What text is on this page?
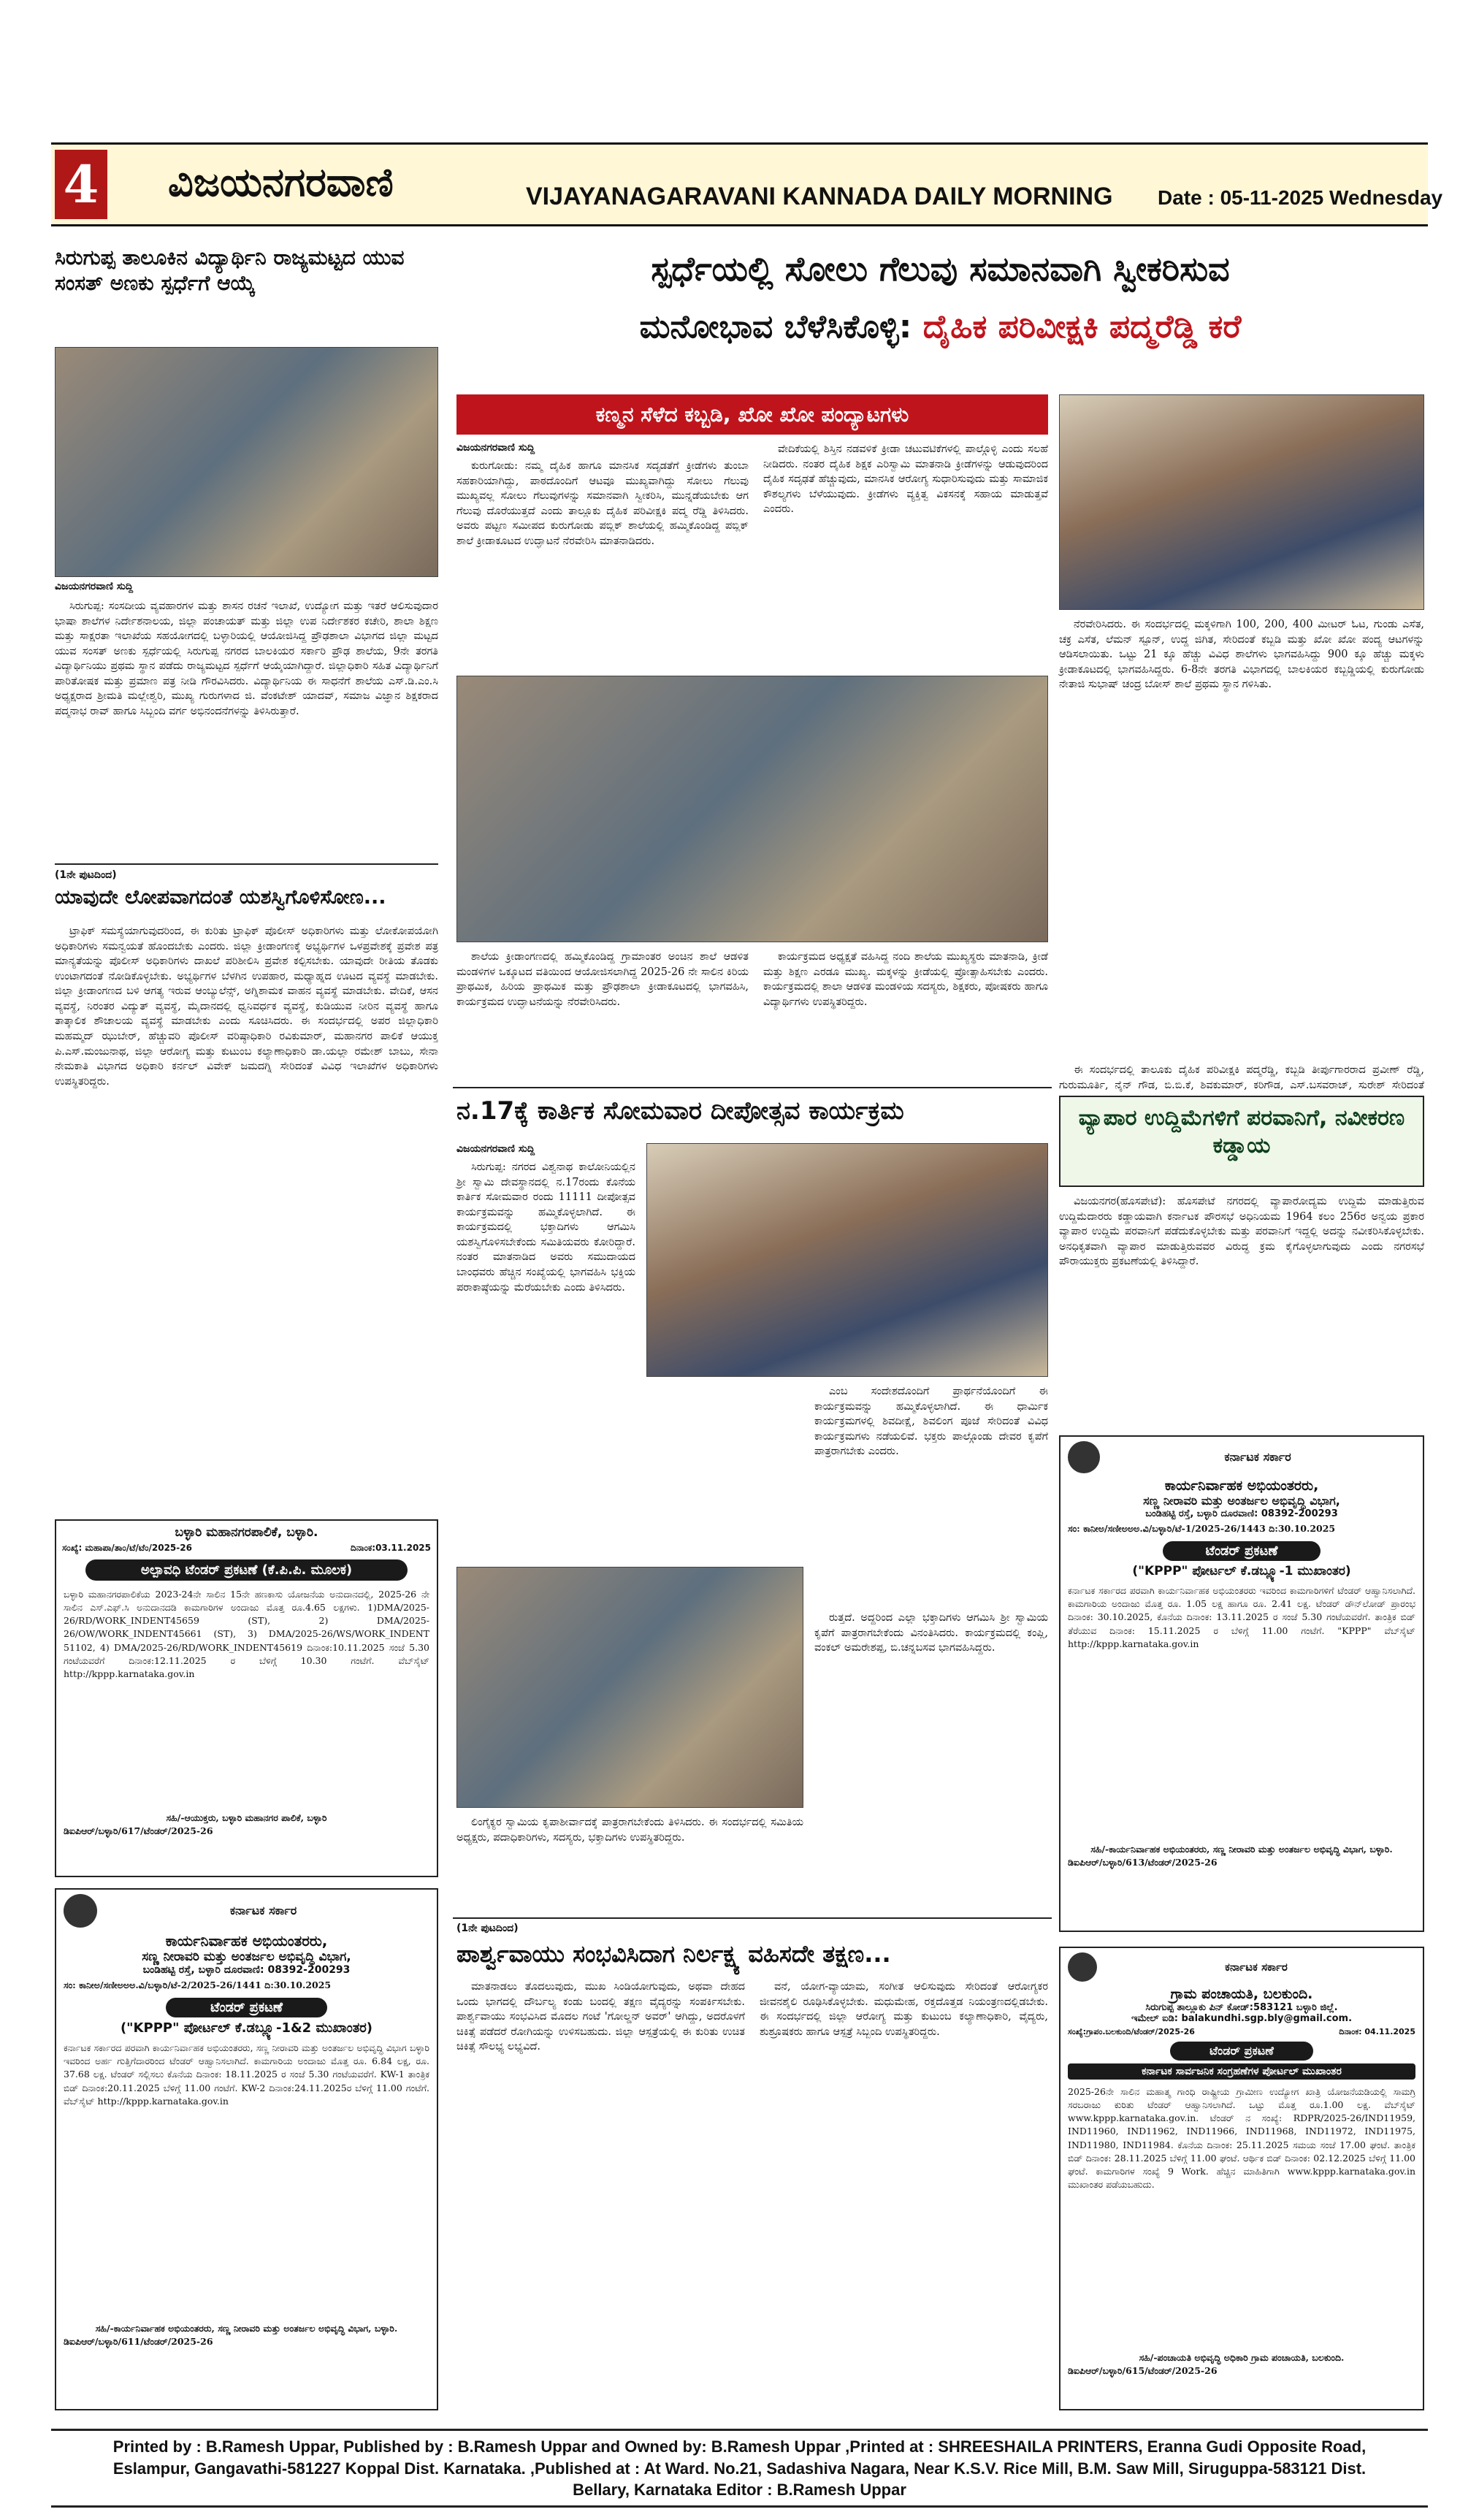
4 ವಿಜಯನಗರವಾಣಿ	VIJAYANAGARAVANI KANNADA DAILY MORNING Date : 05-11-2025 Wednesday
ಸಿರುಗುಪ್ಪ ತಾಲೂಕಿನ ವಿದ್ಯಾರ್ಥಿನಿ ರಾಜ್ಯಮಟ್ಟದ ಯುವ ಸಂಸತ್ ಅಣಕು ಸ್ಪರ್ಧೆಗೆ ಆಯ್ಕೆ
ವಿಜಯನಗರವಾಣಿ ಸುದ್ದಿ

ಸಿರುಗುಪ್ಪ: ಸಂಸದೀಯ ವ್ಯವಹಾರಗಳ ಮತ್ತು ಶಾಸನ ರಚನೆ ಇಲಾಖೆ, ಉದ್ಯೋಗ ಮತ್ತು ಇತರೆ ಆಲಿಸುವುದಾರ ಭಾಷಾ ಶಾಲೆಗಳ ನಿರ್ದೇಶನಾಲಯ, ಜಿಲ್ಲಾ ಪಂಚಾಯತ್ ಮತ್ತು ಜಿಲ್ಲಾ ಉಪ ನಿರ್ದೇಶಕರ ಕಚೇರಿ, ಶಾಲಾ ಶಿಕ್ಷಣ ಮತ್ತು ಸಾಕ್ಷರತಾ ಇಲಾಖೆಯ ಸಹಯೋಗದಲ್ಲಿ ಬಳ್ಳಾರಿಯಲ್ಲಿ ಆಯೋಜಿಸಿದ್ದ ಪ್ರೌಢಶಾಲಾ ವಿಭಾಗದ ಜಿಲ್ಲಾ ಮಟ್ಟದ ಯುವ ಸಂಸತ್ ಅಣಕು ಸ್ಪರ್ಧೆಯಲ್ಲಿ ಸಿರುಗುಪ್ಪ ನಗರದ ಬಾಲಕಿಯರ ಸರ್ಕಾರಿ ಪ್ರೌಢ ಶಾಲೆಯ, 9ನೇ ತರಗತಿ ವಿದ್ಯಾರ್ಥಿನಿಯು ಪ್ರಥಮ ಸ್ಥಾನ ಪಡೆದು ರಾಜ್ಯಮಟ್ಟದ ಸ್ಪರ್ಧೆಗೆ ಆಯ್ಕೆಯಾಗಿದ್ದಾರೆ. ಜಿಲ್ಲಾಧಿಕಾರಿ ಸಹಿತ ವಿದ್ಯಾರ್ಥಿನಿಗೆ ಪಾರಿತೋಷಕ ಮತ್ತು ಪ್ರಮಾಣ ಪತ್ರ ನೀಡಿ ಗೌರವಿಸಿದರು. ವಿದ್ಯಾರ್ಥಿನಿಯ ಈ ಸಾಧನೆಗೆ ಶಾಲೆಯ ಎಸ್.ಡಿ.ಎಂ.ಸಿ ಅಧ್ಯಕ್ಷರಾದ ಶ್ರೀಮತಿ ಮಲ್ಲೇಶ್ವರಿ, ಮುಖ್ಯ ಗುರುಗಳಾದ ಜಿ. ವೆಂಕಟೇಶ್ ಯಾದವ್, ಸಮಾಜ ವಿಜ್ಞಾನ ಶಿಕ್ಷಕರಾದ ಪದ್ಮನಾಭ ರಾವ್ ಹಾಗೂ ಸಿಬ್ಬಂದಿ ವರ್ಗ ಅಭಿನಂದನೆಗಳನ್ನು ತಿಳಿಸಿರುತ್ತಾರೆ.

(1ನೇ ಪುಟದಿಂದ)
ಯಾವುದೇ ಲೋಪವಾಗದಂತೆ ಯಶಸ್ವಿಗೊಳಿಸೋಣ...

ಟ್ರಾಫಿಕ್ ಸಮಸ್ಯೆಯಾಗುವುದರಿಂದ, ಈ ಕುರಿತು ಟ್ರಾಫಿಕ್ ಪೊಲೀಸ್ ಅಧಿಕಾರಿಗಳು ಮತ್ತು ಲೋಕೋಪಯೋಗಿ ಅಧಿಕಾರಿಗಳು ಸಮನ್ವಯತೆ ಹೊಂದಬೇಕು ಎಂದರು. ಜಿಲ್ಲಾ ಕ್ರೀಡಾಂಗಣಕ್ಕೆ ಅಭ್ಯರ್ಥಿಗಳ ಒಳಪ್ರವೇಶಕ್ಕೆ ಪ್ರವೇಶ ಪತ್ರ ಮಾನ್ಯತೆಯನ್ನು ಪೊಲೀಸ್ ಅಧಿಕಾರಿಗಳು ದಾಖಲೆ ಪರಿಶೀಲಿಸಿ ಪ್ರವೇಶ ಕಲ್ಪಿಸಬೇಕು. ಯಾವುದೇ ರೀತಿಯ ತೊಡಕು ಉಂಟಾಗದಂತೆ ನೋಡಿಕೊಳ್ಳಬೇಕು. ಅಭ್ಯರ್ಥಿಗಳ ಬೆಳಗಿನ ಉಪಹಾರ, ಮಧ್ಯಾಹ್ನದ ಊಟದ ವ್ಯವಸ್ಥೆ ಮಾಡಬೇಕು. ಜಿಲ್ಲಾ ಕ್ರೀಡಾಂಗಣದ ಬಳಿ ಆಗತ್ಯ ಇರುವ ಆಂಬ್ಯುಲೆನ್ಸ್, ಅಗ್ನಿಶಾಮಕ ವಾಹನ ವ್ಯವಸ್ಥೆ ಮಾಡಬೇಕು. ವೇದಿಕೆ, ಆಸನ ವ್ಯವಸ್ಥೆ, ನಿರಂತರ ವಿದ್ಯುತ್ ವ್ಯವಸ್ಥೆ, ಮೈದಾನದಲ್ಲಿ ಧ್ವನಿವರ್ಧಕ ವ್ಯವಸ್ಥೆ, ಕುಡಿಯುವ ನೀರಿನ ವ್ಯವಸ್ಥೆ ಹಾಗೂ ತಾತ್ಕಾಲಿಕ ಶೌಚಾಲಯ ವ್ಯವಸ್ಥೆ ಮಾಡಬೇಕು ಎಂದು ಸೂಚಿಸಿದರು. ಈ ಸಂದರ್ಭದಲ್ಲಿ ಅಪರ ಜಿಲ್ಲಾಧಿಕಾರಿ ಮಹಮ್ಮದ್ ಝುಬೇರ್, ಹೆಚ್ಚುವರಿ ಪೊಲೀಸ್ ವರಿಷ್ಠಾಧಿಕಾರಿ ರವಿಕುಮಾರ್, ಮಹಾನಗರ ಪಾಲಿಕೆ ಆಯುಕ್ತ ಪಿ.ಎಸ್.ಮಂಜುನಾಥ, ಜಿಲ್ಲಾ ಆರೋಗ್ಯ ಮತ್ತು ಕುಟುಂಬ ಕಲ್ಯಾಣಾಧಿಕಾರಿ ಡಾ.ಯಲ್ಲಾ ರಮೇಶ್ ಬಾಬು, ಸೇನಾ ನೇಮಕಾತಿ ವಿಭಾಗದ ಅಧಿಕಾರಿ ಕರ್ನಲ್ ವಿವೇಕ್ ಜಮದಗ್ನಿ ಸೇರಿದಂತೆ ವಿವಿಧ ಇಲಾಖೆಗಳ ಅಧಿಕಾರಿಗಳು ಉಪಸ್ಥಿತರಿದ್ದರು.

ಬಳ್ಳಾರಿ ಮಹಾನಗರಪಾಲಿಕೆ, ಬಳ್ಳಾರಿ.
ಸಂಖ್ಯೆ: ಮಹಾಪಾ/ತಾಂ/ಟೆ/ಟೆಂ/2025-26	ದಿನಾಂಕ:03.11.2025
ಅಲ್ಪಾವಧಿ ಟೆಂಡರ್ ಪ್ರಕಟಣೆ (ಕೆ.ಪಿ.ಪಿ. ಮೂಲಕ)
ಬಳ್ಳಾರಿ ಮಹಾನಗರಪಾಲಿಕೆಯ 2023-24ನೇ ಸಾಲಿನ 15ನೇ ಹಣಕಾಸು ಯೋಜನೆಯ ಅನುದಾನದಲ್ಲಿ, 2025-26 ನೇ ಸಾಲಿನ ಎಸ್.ಎಫ್.ಸಿ ಅನುದಾನದಡಿ ಕಾಮಗಾರಿಗಳ ಅಂದಾಜು ಮೊತ್ತ ರೂ.4.65 ಲಕ್ಷಗಳು. 1)DMA/2025-26/RD/WORK_INDENT45659 (ST), 2) DMA/2025-26/OW/WORK_INDENT45661 (ST), 3) DMA/2025-26/WS/WORK_INDENT 51102, 4) DMA/2025-26/RD/WORK_INDENT45619 ದಿನಾಂಕ:10.11.2025 ಸಂಜೆ 5.30 ಗಂಟೆಯವರೆಗೆ ದಿನಾಂಕ:12.11.2025 ರ ಬೆಳಿಗ್ಗೆ 10.30 ಗಂಟೆಗೆ. ವೆಬ್‌ಸೈಟ್ http://kppp.karnataka.gov.in
ಸಹಿ/-ಆಯುಕ್ತರು, ಬಳ್ಳಾರಿ ಮಹಾನಗರ ಪಾಲಿಕೆ, ಬಳ್ಳಾರಿ
ಡಿಐಪಿಆರ್/ಬಳ್ಳಾರಿ/617/ಟೆಂಡರ್/2025-26
ಕರ್ನಾಟಕ ಸರ್ಕಾರ
ಕಾರ್ಯನಿರ್ವಾಹಕ ಅಭಿಯಂತರರು,
ಸಣ್ಣ ನೀರಾವರಿ ಮತ್ತು ಅಂತರ್ಜಲ ಅಭಿವೃದ್ಧಿ ವಿಭಾಗ,
ಬಂಡಿಹಟ್ಟಿ ರಸ್ತೆ, ಬಳ್ಳಾರಿ ದೂರವಾಣಿ: 08392-200293
ಸಂ: ಕಾನೀಅ/ಸಣೀಅಅಅ.ವಿ/ಬಳ್ಳಾರಿ/ಟೆ-2/2025-26/1441 ದಿ:30.10.2025
ಟೆಂಡರ್ ಪ್ರಕಟಣೆ
("KPPP" ಪೋರ್ಟಲ್ ಕೆ.ಡಬ್ಲ್ಯೂ-1&2 ಮುಖಾಂತರ)
ಕರ್ನಾಟಕ ಸರ್ಕಾರದ ಪರವಾಗಿ ಕಾರ್ಯನಿರ್ವಾಹಕ ಅಭಿಯಂತರರು, ಸಣ್ಣ ನೀರಾವರಿ ಮತ್ತು ಅಂತರ್ಜಲ ಅಭಿವೃದ್ಧಿ ವಿಭಾಗ ಬಳ್ಳಾರಿ ಇವರಿಂದ ಅರ್ಹ ಗುತ್ತಿಗೆದಾರರಿಂದ ಟೆಂಡರ್ ಆಹ್ವಾನಿಸಲಾಗಿದೆ. ಕಾಮಗಾರಿಯ ಅಂದಾಜು ಮೊತ್ತ ರೂ. 6.84 ಲಕ್ಷ, ರೂ. 37.68 ಲಕ್ಷ. ಟೆಂಡರ್ ಸಲ್ಲಿಸಲು ಕೊನೆಯ ದಿನಾಂಕ: 18.11.2025 ರ ಸಂಜೆ 5.30 ಗಂಟೆಯವರೆಗೆ. KW-1 ತಾಂತ್ರಿಕ ಬಿಡ್ ದಿನಾಂಕ:20.11.2025 ಬೆಳಿಗ್ಗೆ 11.00 ಗಂಟೆಗೆ. KW-2 ದಿನಾಂಕ:24.11.2025ರ ಬೆಳಿಗ್ಗೆ 11.00 ಗಂಟೆಗೆ. ವೆಬ್‌ಸೈಟ್ http://kppp.karnataka.gov.in
ಸಹಿ/-ಕಾರ್ಯನಿರ್ವಾಹಕ ಅಭಿಯಂತರರು, ಸಣ್ಣ ನೀರಾವರಿ ಮತ್ತು ಅಂತರ್ಜಲ ಅಭಿವೃದ್ಧಿ ವಿಭಾಗ, ಬಳ್ಳಾರಿ.
ಡಿಐಪಿಆರ್/ಬಳ್ಳಾರಿ/611/ಟೆಂಡರ್/2025-26
ಸ್ಪರ್ಧೆಯಲ್ಲಿ ಸೋಲು ಗೆಲುವು ಸಮಾನವಾಗಿ ಸ್ವೀಕರಿಸುವ
ಮನೋಭಾವ ಬೆಳೆಸಿಕೊಳ್ಳಿ: ದೈಹಿಕ ಪರಿವೀಕ್ಷಕಿ ಪದ್ಮರೆಡ್ಡಿ ಕರೆ
ಕಣ್ಮನ ಸೆಳೆದ ಕಬ್ಬಡಿ, ಖೋ ಖೋ ಪಂದ್ಯಾಟಗಳು
ವಿಜಯನಗರವಾಣಿ ಸುದ್ದಿ

ಕುರುಗೋಡು: ನಮ್ಮ ದೈಹಿಕ ಹಾಗೂ ಮಾನಸಿಕ ಸದೃಡತೆಗೆ ಕ್ರೀಡೆಗಳು ತುಂಬಾ ಸಹಕಾರಿಯಾಗಿದ್ದು, ಪಾಠದೊಂದಿಗೆ ಆಟವೂ ಮುಖ್ಯವಾಗಿದ್ದು ಸೋಲು ಗೆಲುವು ಮುಖ್ಯವಲ್ಲ ಸೋಲು ಗೆಲುವುಗಳನ್ನು ಸಮಾನವಾಗಿ ಸ್ವೀಕರಿಸಿ, ಮುನ್ನಡೆಯಬೇಕು ಆಗ ಗೆಲುವು ದೊರೆಯುತ್ತದೆ ಎಂದು ತಾಲ್ಲೂಕು ದೈಹಿಕ ಪರಿವೀಕ್ಷಕಿ ಪದ್ಮ ರೆಡ್ಡಿ ತಿಳಿಸಿದರು. ಅವರು ಪಟ್ಟಣ ಸಮೀಪದ ಕುರುಗೋಡು ಪಬ್ಲಿಕ್ ಶಾಲೆಯಲ್ಲಿ ಹಮ್ಮಿಕೊಂಡಿದ್ದ ಪಬ್ಲಿಕ್ ಶಾಲೆ ಕ್ರೀಡಾಕೂಟದ ಉದ್ಘಾಟನೆ ನೆರವೇರಿಸಿ ಮಾತನಾಡಿದರು.

ವೇದಿಕೆಯಲ್ಲಿ ಶಿಸ್ತಿನ ನಡವಳಿಕೆ ಕ್ರೀಡಾ ಚಟುವಟಿಕೆಗಳಲ್ಲಿ ಪಾಲ್ಗೊಳ್ಳಿ ಎಂದು ಸಲಹೆ ನೀಡಿದರು. ನಂತರ ದೈಹಿಕ ಶಿಕ್ಷಕ ಎರಿಸ್ವಾಮಿ ಮಾತನಾಡಿ ಕ್ರೀಡೆಗಳನ್ನು ಆಡುವುದರಿಂದ ದೈಹಿಕ ಸದೃಢತೆ ಹೆಚ್ಚುವುದು, ಮಾನಸಿಕ ಆರೋಗ್ಯ ಸುಧಾರಿಸುವುದು ಮತ್ತು ಸಾಮಾಜಿಕ ಕೌಶಲ್ಯಗಳು ಬೆಳೆಯುವುದು. ಕ್ರೀಡೆಗಳು ವ್ಯಕ್ತಿತ್ವ ವಿಕಸನಕ್ಕೆ ಸಹಾಯ ಮಾಡುತ್ತವೆ ಎಂದರು.

ನೆರವೇರಿಸಿದರು. ಈ ಸಂದರ್ಭದಲ್ಲಿ ಮಕ್ಕಳಿಗಾಗಿ 100, 200, 400 ಮೀಟರ್ ಓಟ, ಗುಂಡು ಎಸೆತ, ಚಕ್ರ ಎಸೆತ, ಲೆಮನ್ ಸ್ಪೂನ್, ಉದ್ದ ಜಿಗಿತ, ಸೇರಿದಂತೆ ಕಬ್ಬಡಿ ಮತ್ತು ಖೋ ಖೋ ಪಂದ್ಯ ಆಟಗಳನ್ನು ಆಡಿಸಲಾಯಿತು. ಒಟ್ಟು 21 ಕ್ಕೂ ಹೆಚ್ಚು ವಿವಿಧ ಶಾಲೆಗಳು ಭಾಗವಹಿಸಿದ್ದು 900 ಕ್ಕೂ ಹೆಚ್ಚು ಮಕ್ಕಳು ಕ್ರೀಡಾಕೂಟದಲ್ಲಿ ಭಾಗವಹಿಸಿದ್ದರು. 6-8ನೇ ತರಗತಿ ವಿಭಾಗದಲ್ಲಿ ಬಾಲಕಿಯರ ಕಬ್ಬಡ್ಡಿಯಲ್ಲಿ ಕುರುಗೋಡು ನೇತಾಜಿ ಸುಭಾಷ್ ಚಂದ್ರ ಬೋಸ್ ಶಾಲೆ ಪ್ರಥಮ ಸ್ಥಾನ ಗಳಿಸಿತು.

ಶಾಲೆಯ ಕ್ರೀಡಾಂಗಣದಲ್ಲಿ ಹಮ್ಮಿಕೊಂಡಿದ್ದ ಗ್ರಾಮಾಂತರ ಅಂಚಿನ ಶಾಲೆ ಆಡಳಿತ ಮಂಡಳಿಗಳ ಒಕ್ಕೂಟದ ವತಿಯಿಂದ ಆಯೋಜಿಸಲಾಗಿದ್ದ 2025-26 ನೇ ಸಾಲಿನ ಕಿರಿಯ ಪ್ರಾಥಮಿಕ, ಹಿರಿಯ ಪ್ರಾಥಮಿಕ ಮತ್ತು ಪ್ರೌಢಶಾಲಾ ಕ್ರೀಡಾಕೂಟದಲ್ಲಿ ಭಾಗವಹಿಸಿ, ಕಾರ್ಯಕ್ರಮದ ಉದ್ಘಾಟನೆಯನ್ನು ನೆರವೇರಿಸಿದರು.

ಕಾರ್ಯಕ್ರಮದ ಅಧ್ಯಕ್ಷತೆ ವಹಿಸಿದ್ದ ನಂದಿ ಶಾಲೆಯ ಮುಖ್ಯಸ್ಥರು ಮಾತನಾಡಿ, ಕ್ರೀಡೆ ಮತ್ತು ಶಿಕ್ಷಣ ಎರಡೂ ಮುಖ್ಯ. ಮಕ್ಕಳನ್ನು ಕ್ರೀಡೆಯಲ್ಲಿ ಪ್ರೋತ್ಸಾಹಿಸಬೇಕು ಎಂದರು. ಕಾರ್ಯಕ್ರಮದಲ್ಲಿ ಶಾಲಾ ಆಡಳಿತ ಮಂಡಳಿಯ ಸದಸ್ಯರು, ಶಿಕ್ಷಕರು, ಪೋಷಕರು ಹಾಗೂ ವಿದ್ಯಾರ್ಥಿಗಳು ಉಪಸ್ಥಿತರಿದ್ದರು.

ನ.17ಕ್ಕೆ ಕಾರ್ತಿಕ ಸೋಮವಾರ ದೀಪೋತ್ಸವ ಕಾರ್ಯಕ್ರಮ
ವಿಜಯನಗರವಾಣಿ ಸುದ್ದಿ

ಸಿರುಗುಪ್ಪ: ನಗರದ ವಿಶ್ವನಾಥ ಕಾಲೋನಿಯಲ್ಲಿನ ಶ್ರೀ ಸ್ವಾಮಿ ದೇವಸ್ಥಾನದಲ್ಲಿ ನ.17ರಂದು ಕೊನೆಯ ಕಾರ್ತಿಕ ಸೋಮವಾರ ರಂದು 11111 ದೀಪೋತ್ಸವ ಕಾರ್ಯಕ್ರಮವನ್ನು ಹಮ್ಮಿಕೊಳ್ಳಲಾಗಿದೆ. ಈ ಕಾರ್ಯಕ್ರಮದಲ್ಲಿ ಭಕ್ತಾದಿಗಳು ಆಗಮಿಸಿ ಯಶಸ್ವಿಗೊಳಿಸಬೇಕೆಂದು ಸಮಿತಿಯವರು ಕೋರಿದ್ದಾರೆ. ನಂತರ ಮಾತನಾಡಿದ ಅವರು ಸಮುದಾಯದ ಬಾಂಧವರು ಹೆಚ್ಚಿನ ಸಂಖ್ಯೆಯಲ್ಲಿ ಭಾಗವಹಿಸಿ ಭಕ್ತಿಯ ಪರಾಕಾಷ್ಠೆಯನ್ನು ಮೆರೆಯಬೇಕು ಎಂದು ತಿಳಿಸಿದರು.

ಎಂಬ ಸಂದೇಶದೊಂದಿಗೆ ಪ್ರಾರ್ಥನೆಯೊಂದಿಗೆ ಈ ಕಾರ್ಯಕ್ರಮವನ್ನು ಹಮ್ಮಿಕೊಳ್ಳಲಾಗಿದೆ. ಈ ಧಾರ್ಮಿಕ ಕಾರ್ಯಕ್ರಮಗಳಲ್ಲಿ ಶಿವದೀಕ್ಷೆ, ಶಿವಲಿಂಗ ಪೂಜೆ ಸೇರಿದಂತೆ ವಿವಿಧ ಕಾರ್ಯಕ್ರಮಗಳು ನಡೆಯಲಿವೆ. ಭಕ್ತರು ಪಾಲ್ಗೊಂಡು ದೇವರ ಕೃಪೆಗೆ ಪಾತ್ರರಾಗಬೇಕು ಎಂದರು.

ಲಿಂಗೈಕ್ಯರ ಸ್ವಾಮಿಯ ಕೃಪಾಶೀರ್ವಾದಕ್ಕೆ ಪಾತ್ರರಾಗಬೇಕೆಂದು ತಿಳಿಸಿದರು. ಈ ಸಂದರ್ಭದಲ್ಲಿ ಸಮಿತಿಯ ಅಧ್ಯಕ್ಷರು, ಪದಾಧಿಕಾರಿಗಳು, ಸದಸ್ಯರು, ಭಕ್ತಾದಿಗಳು ಉಪಸ್ಥಿತರಿದ್ದರು.

ರುತ್ತದೆ. ಅದ್ದರಿಂದ ಎಲ್ಲಾ ಭಕ್ತಾದಿಗಳು ಆಗಮಿಸಿ ಶ್ರೀ ಸ್ವಾಮಿಯ ಕೃಪೆಗೆ ಪಾತ್ರರಾಗಬೇಕೆಂದು ವಿನಂತಿಸಿದರು. ಕಾರ್ಯಕ್ರಮದಲ್ಲಿ ಕಂಪ್ಲಿ, ವಂಕಲ್ ಅಮರೇಶಪ್ಪ, ಬಿ.ಚನ್ನಬಸವ ಭಾಗವಹಿಸಿದ್ದರು.

(1ನೇ ಪುಟದಿಂದ)
ಪಾರ್ಶ್ವವಾಯು ಸಂಭವಿಸಿದಾಗ ನಿರ್ಲಕ್ಷ್ಯ ವಹಿಸದೇ ತಕ್ಷಣ...

ಮಾತನಾಡಲು ತೊದಲುವುದು, ಮುಖ ಸಿಂಡಿಯೋಗುವುದು, ಅಥವಾ ದೇಹದ ಒಂದು ಭಾಗದಲ್ಲಿ ದೌರ್ಬಲ್ಯ ಕಂಡು ಬಂದಲ್ಲಿ ತಕ್ಷಣ ವೈದ್ಯರನ್ನು ಸಂಪರ್ಕಿಸಬೇಕು. ಪಾರ್ಶ್ವವಾಯು ಸಂಭವಿಸಿದ ಮೊದಲ ಗಂಟೆ 'ಗೋಲ್ಡನ್ ಅವರ್' ಆಗಿದ್ದು, ಅದರೊಳಗೆ ಚಿಕಿತ್ಸೆ ಪಡೆದರೆ ರೋಗಿಯನ್ನು ಉಳಿಸಬಹುದು. ಜಿಲ್ಲಾ ಆಸ್ಪತ್ರೆಯಲ್ಲಿ ಈ ಕುರಿತು ಉಚಿತ ಚಿಕಿತ್ಸೆ ಸೌಲಭ್ಯ ಲಭ್ಯವಿದೆ.

ವನೆ, ಯೋಗ-ವ್ಯಾಯಾಮ, ಸಂಗೀತ ಆಲಿಸುವುದು ಸೇರಿದಂತೆ ಆರೋಗ್ಯಕರ ಜೀವನಶೈಲಿ ರೂಢಿಸಿಕೊಳ್ಳಬೇಕು. ಮಧುಮೇಹ, ರಕ್ತದೊತ್ತಡ ನಿಯಂತ್ರಣದಲ್ಲಿಡಬೇಕು. ಈ ಸಂದರ್ಭದಲ್ಲಿ ಜಿಲ್ಲಾ ಆರೋಗ್ಯ ಮತ್ತು ಕುಟುಂಬ ಕಲ್ಯಾಣಾಧಿಕಾರಿ, ವೈದ್ಯರು, ಶುಶ್ರೂಷಕರು ಹಾಗೂ ಆಸ್ಪತ್ರೆ ಸಿಬ್ಬಂದಿ ಉಪಸ್ಥಿತರಿದ್ದರು.

ಈ ಸಂದರ್ಭದಲ್ಲಿ ತಾಲೂಕು ದೈಹಿಕ ಪರಿವೀಕ್ಷಕಿ ಪದ್ಮರೆಡ್ಡಿ, ಕಬ್ಬಡಿ ತೀರ್ಪುಗಾರರಾದ ಪ್ರವೀಣ್ ರೆಡ್ಡಿ, ಗುರುಮೂರ್ತಿ, ನೈನ್ ಗೌಡ, ಬಿ.ಬಿ.ಕೆ, ಶಿವಕುಮಾರ್, ಕರಿಗೌಡ, ಎಸ್.ಬಸವರಾಜ್, ಸುರೇಶ್ ಸೇರಿದಂತೆ

ವ್ಯಾಪಾರ ಉದ್ದಿಮೆಗಳಿಗೆ ಪರವಾನಿಗೆ, ನವೀಕರಣ ಕಡ್ಡಾಯ

ವಿಜಯನಗರ(ಹೊಸಪೇಟೆ): ಹೊಸಪೇಟೆ ನಗರದಲ್ಲಿ ವ್ಯಾಪಾರೋದ್ಯಮ ಉದ್ದಿಮೆ ಮಾಡುತ್ತಿರುವ ಉದ್ದಿಮೆದಾರರು ಕಡ್ಡಾಯವಾಗಿ ಕರ್ನಾಟಕ ಪೌರಸಭೆ ಅಧಿನಿಯಮ 1964 ಕಲಂ 256ರ ಅನ್ವಯ ಪ್ರಕಾರ ವ್ಯಾಪಾರ ಉದ್ದಿಮೆ ಪರವಾನಿಗೆ ಪಡೆದುಕೊಳ್ಳಬೇಕು ಮತ್ತು ಪರವಾನಿಗೆ ಇದ್ದಲ್ಲಿ ಅದನ್ನು ನವೀಕರಿಸಿಕೊಳ್ಳಬೇಕು. ಅನಧಿಕೃತವಾಗಿ ವ್ಯಾಪಾರ ಮಾಡುತ್ತಿರುವವರ ವಿರುದ್ಧ ಕ್ರಮ ಕೈಗೊಳ್ಳಲಾಗುವುದು ಎಂದು ನಗರಸಭೆ ಪೌರಾಯುಕ್ತರು ಪ್ರಕಟಣೆಯಲ್ಲಿ ತಿಳಿಸಿದ್ದಾರೆ.

ಕರ್ನಾಟಕ ಸರ್ಕಾರ
ಕಾರ್ಯನಿರ್ವಾಹಕ ಅಭಿಯಂತರರು,
ಸಣ್ಣ ನೀರಾವರಿ ಮತ್ತು ಅಂತರ್ಜಲ ಅಭಿವೃದ್ಧಿ ವಿಭಾಗ,
ಬಂಡಿಹಟ್ಟಿ ರಸ್ತೆ, ಬಳ್ಳಾರಿ ದೂರವಾಣಿ: 08392-200293
ಸಂ: ಕಾನೀಅ/ಸಣೀಅಅಅ.ವಿ/ಬಳ್ಳಾರಿ/ಟೆ-1/2025-26/1443 ದಿ:30.10.2025
ಟೆಂಡರ್ ಪ್ರಕಟಣೆ
("KPPP" ಪೋರ್ಟಲ್ ಕೆ.ಡಬ್ಲ್ಯೂ-1 ಮುಖಾಂತರ)
ಕರ್ನಾಟಕ ಸರ್ಕಾರದ ಪರವಾಗಿ ಕಾರ್ಯನಿರ್ವಾಹಕ ಅಭಿಯಂತರರು ಇವರಿಂದ ಕಾಮಗಾರಿಗಳಿಗೆ ಟೆಂಡರ್ ಆಹ್ವಾನಿಸಲಾಗಿದೆ. ಕಾಮಗಾರಿಯ ಅಂದಾಜು ಮೊತ್ತ ರೂ. 1.05 ಲಕ್ಷ ಹಾಗೂ ರೂ. 2.41 ಲಕ್ಷ. ಟೆಂಡರ್ ಡೌನ್‌ಲೋಡ್ ಪ್ರಾರಂಭ ದಿನಾಂಕ: 30.10.2025, ಕೊನೆಯ ದಿನಾಂಕ: 13.11.2025 ರ ಸಂಜೆ 5.30 ಗಂಟೆಯವರೆಗೆ. ತಾಂತ್ರಿಕ ಬಿಡ್ ತೆರೆಯುವ ದಿನಾಂಕ: 15.11.2025 ರ ಬೆಳಿಗ್ಗೆ 11.00 ಗಂಟೆಗೆ. "KPPP" ವೆಬ್‌ಸೈಟ್ http://kppp.karnataka.gov.in
ಸಹಿ/-ಕಾರ್ಯನಿರ್ವಾಹಕ ಅಭಿಯಂತರರು, ಸಣ್ಣ ನೀರಾವರಿ ಮತ್ತು ಅಂತರ್ಜಲ ಅಭಿವೃದ್ಧಿ ವಿಭಾಗ, ಬಳ್ಳಾರಿ.
ಡಿಐಪಿಆರ್/ಬಳ್ಳಾರಿ/613/ಟೆಂಡರ್/2025-26
ಕರ್ನಾಟಕ ಸರ್ಕಾರ
ಗ್ರಾಮ ಪಂಚಾಯತಿ, ಬಲಕುಂದಿ.
ಸಿರುಗುಪ್ಪ ತಾಲ್ಲೂಕು ಪಿನ್ ಕೋಡ್:583121 ಬಳ್ಳಾರಿ ಜಿಲ್ಲೆ.
ಇಮೇಲ್ ಐಡಿ: balakundhi.sgp.bly@gmail.com.
ಸಂಖ್ಯೆ:ಗ್ರಾಪಂ.ಬಲಕುಂದಿ/ಟೆಂಡರ್/2025-26	ದಿನಾಂಕ: 04.11.2025
ಟೆಂಡರ್ ಪ್ರಕಟಣೆ
ಕರ್ನಾಟಕ ಸಾರ್ವಜನಿಕ ಸಂಗ್ರಹಣೆಗಳ ಪೋರ್ಟಲ್ ಮುಖಾಂತರ
2025-26ನೇ ಸಾಲಿನ ಮಹಾತ್ಮ ಗಾಂಧಿ ರಾಷ್ಟ್ರೀಯ ಗ್ರಾಮೀಣ ಉದ್ಯೋಗ ಖಾತ್ರಿ ಯೋಜನೆಯಡಿಯಲ್ಲಿ ಸಾಮಗ್ರಿ ಸರಬರಾಜು ಕುರಿತು ಟೆಂಡರ್ ಆಹ್ವಾನಿಸಲಾಗಿದೆ. ಒಟ್ಟು ಮೊತ್ತ ರೂ.1.00 ಲಕ್ಷ. ವೆಬ್‌ಸೈಟ್ www.kppp.karnataka.gov.in. ಟೆಂಡರ್ ನ ಸಂಖ್ಯೆ: RDPR/2025-26/IND11959, IND11960, IND11962, IND11966, IND11968, IND11972, IND11975, IND11980, IND11984. ಕೊನೆಯ ದಿನಾಂಕ: 25.11.2025 ಸಮಯ ಸಂಜೆ 17.00 ಘಂಟೆ. ತಾಂತ್ರಿಕ ಬಿಡ್ ದಿನಾಂಕ: 28.11.2025 ಬೆಳಿಗ್ಗೆ 11.00 ಘಂಟೆ. ಆರ್ಥಿಕ ಬಿಡ್ ದಿನಾಂಕ: 02.12.2025 ಬೆಳಿಗ್ಗೆ 11.00 ಘಂಟೆ. ಕಾಮಗಾರಿಗಳ ಸಂಖ್ಯೆ 9 Work. ಹೆಚ್ಚಿನ ಮಾಹಿತಿಗಾಗಿ www.kppp.karnataka.gov.in ಮುಖಾಂತರ ಪಡೆಯಬಹುದು.
ಸಹಿ/-ಪಂಚಾಯತಿ ಅಭಿವೃದ್ಧಿ ಅಧಿಕಾರಿ ಗ್ರಾಮ ಪಂಚಾಯತಿ, ಬಲಕುಂದಿ.
ಡಿಐಪಿಆರ್/ಬಳ್ಳಾರಿ/615/ಟೆಂಡರ್/2025-26
Printed by : B.Ramesh Uppar, Published by : B.Ramesh Uppar and Owned by: B.Ramesh Uppar ,Printed at : SHREESHAILA PRINTERS, Eranna Gudi Opposite Road,
Eslampur, Gangavathi-581227 Koppal Dist. Karnataka. ,Published at : At Ward. No.21, Sadashiva Nagara, Near K.S.V. Rice Mill, B.M. Saw Mill, Siruguppa-583121 Dist.
Bellary, Karnataka Editor : B.Ramesh Uppar
